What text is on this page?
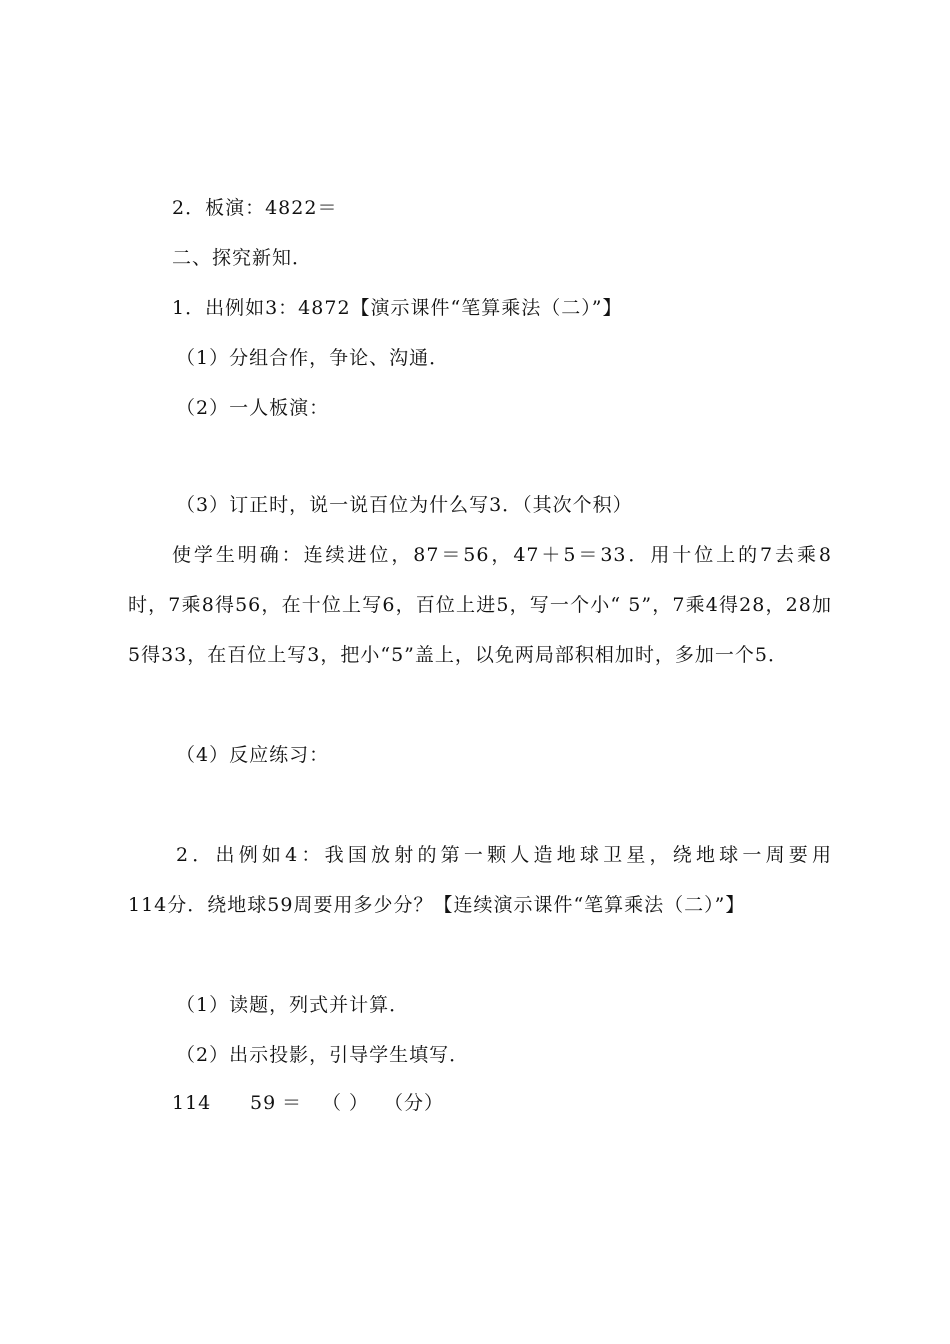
2．板演：4822＝
二、探究新知．
1．出例如3：4872【演示课件“笔算乘法（二）”】
（1）分组合作，争论、沟通．
（2）一人板演：
（3）订正时，说一说百位为什么写3．（其次个积）
使学生明确：连续进位，87＝56，47＋5＝33．用十位上的7去乘8
时，7乘8得56，在十位上写6，百位上进5，写一个小“ 5”，7乘4得28，28加5得33，在百位上写3，把小“5”盖上，以免两局部积相加时，多加一个5．
（4）反应练习：
2．出例如4：我国放射的第一颗人造地球卫星，绕地球一周要用
114分．绕地球59周要用多少分？【连续演示课件“笔算乘法（二）”】
（1）读题，列式并计算．
（2）出示投影，引导学生填写．
114 59 ＝ （ ） （分）
